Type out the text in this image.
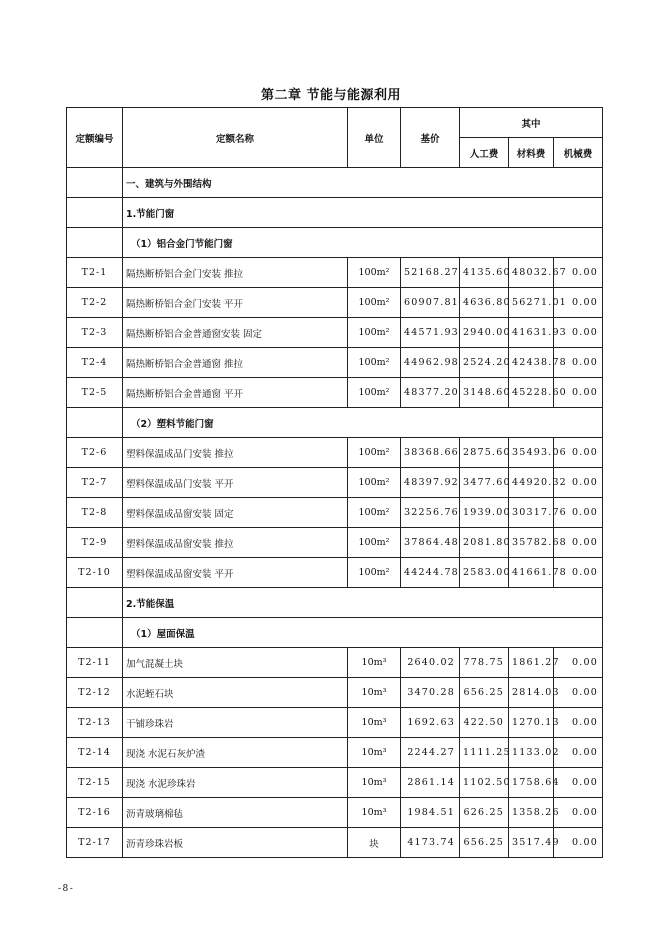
第二章 节能与能源利用
定额编号	定额名称	单位	基价	其中		
				人工费	材料费	机械费
	一、建筑与外围结构					
	1.节能门窗					
	（1）铝合金门节能门窗					
T2-1	隔热断桥铝合金门安装 推拉	100m²	52168.27	4135.60	48032.67	0.00
T2-2	隔热断桥铝合金门安装 平开	100m²	60907.81	4636.80	56271.01	0.00
T2-3	隔热断桥铝合金普通窗安装 固定	100m²	44571.93	2940.00	41631.93	0.00
T2-4	隔热断桥铝合金普通窗 推拉	100m²	44962.98	2524.20	42438.78	0.00
T2-5	隔热断桥铝合金普通窗 平开	100m²	48377.20	3148.60	45228.60	0.00
	（2）塑料节能门窗					
T2-6	塑料保温成品门安装 推拉	100m²	38368.66	2875.60	35493.06	0.00
T2-7	塑料保温成品门安装 平开	100m²	48397.92	3477.60	44920.32	0.00
T2-8	塑料保温成品窗安装 固定	100m²	32256.76	1939.00	30317.76	0.00
T2-9	塑料保温成品窗安装 推拉	100m²	37864.48	2081.80	35782.68	0.00
T2-10	塑料保温成品窗安装 平开	100m²	44244.78	2583.00	41661.78	0.00
	2.节能保温					
	（1）屋面保温					
T2-11	加气混凝土块	10m³	2640.02	778.75	1861.27	0.00
T2-12	水泥蛭石块	10m³	3470.28	656.25	2814.03	0.00
T2-13	干铺珍珠岩	10m³	1692.63	422.50	1270.13	0.00
T2-14	现浇 水泥石灰炉渣	10m³	2244.27	1111.25	1133.02	0.00
T2-15	现浇 水泥珍珠岩	10m³	2861.14	1102.50	1758.64	0.00
T2-16	沥青玻璃棉毡	10m³	1984.51	626.25	1358.26	0.00
T2-17	沥青珍珠岩板	块	4173.74	656.25	3517.49	0.00
-8-
